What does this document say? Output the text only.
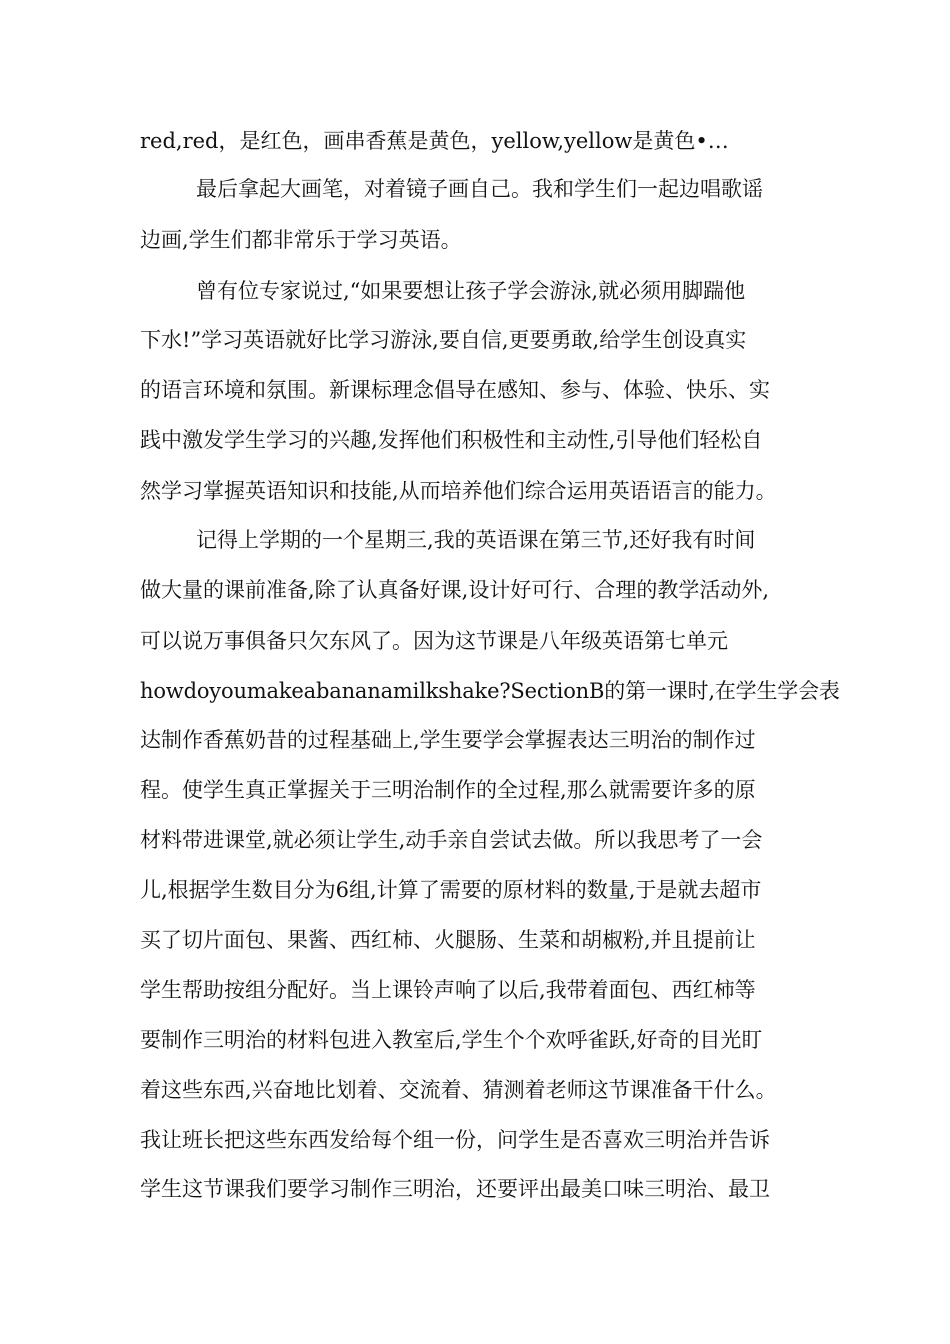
red,red，是红色，画串香蕉是黄色，yellow,yellow是黄色•…
最后拿起大画笔，对着镜子画自己。我和学生们一起边唱歌谣
边画,学生们都非常乐于学习英语。
曾有位专家说过,“如果要想让孩子学会游泳,就必须用脚踹他
下水!”学习英语就好比学习游泳,要自信,更要勇敢,给学生创设真实
的语言环境和氛围。新课标理念倡导在感知、参与、体验、快乐、实
践中激发学生学习的兴趣,发挥他们积极性和主动性,引导他们轻松自
然学习掌握英语知识和技能,从而培养他们综合运用英语语言的能力。
记得上学期的一个星期三,我的英语课在第三节,还好我有时间
做大量的课前准备,除了认真备好课,设计好可行、合理的教学活动外,
可以说万事俱备只欠东风了。因为这节课是八年级英语第七单元
howdoyoumakeabananamilkshake?SectionB的第一课时,在学生学会表
达制作香蕉奶昔的过程基础上,学生要学会掌握表达三明治的制作过
程。使学生真正掌握关于三明治制作的全过程,那么就需要许多的原
材料带进课堂,就必须让学生,动手亲自尝试去做。所以我思考了一会
儿,根据学生数目分为6组,计算了需要的原材料的数量,于是就去超市
买了切片面包、果酱、西红柿、火腿肠、生菜和胡椒粉,并且提前让
学生帮助按组分配好。当上课铃声响了以后,我带着面包、西红柿等
要制作三明治的材料包进入教室后,学生个个欢呼雀跃,好奇的目光盯
着这些东西,兴奋地比划着、交流着、猜测着老师这节课准备干什么。
我让班长把这些东西发给每个组一份，问学生是否喜欢三明治并告诉
学生这节课我们要学习制作三明治，还要评出最美口味三明治、最卫
